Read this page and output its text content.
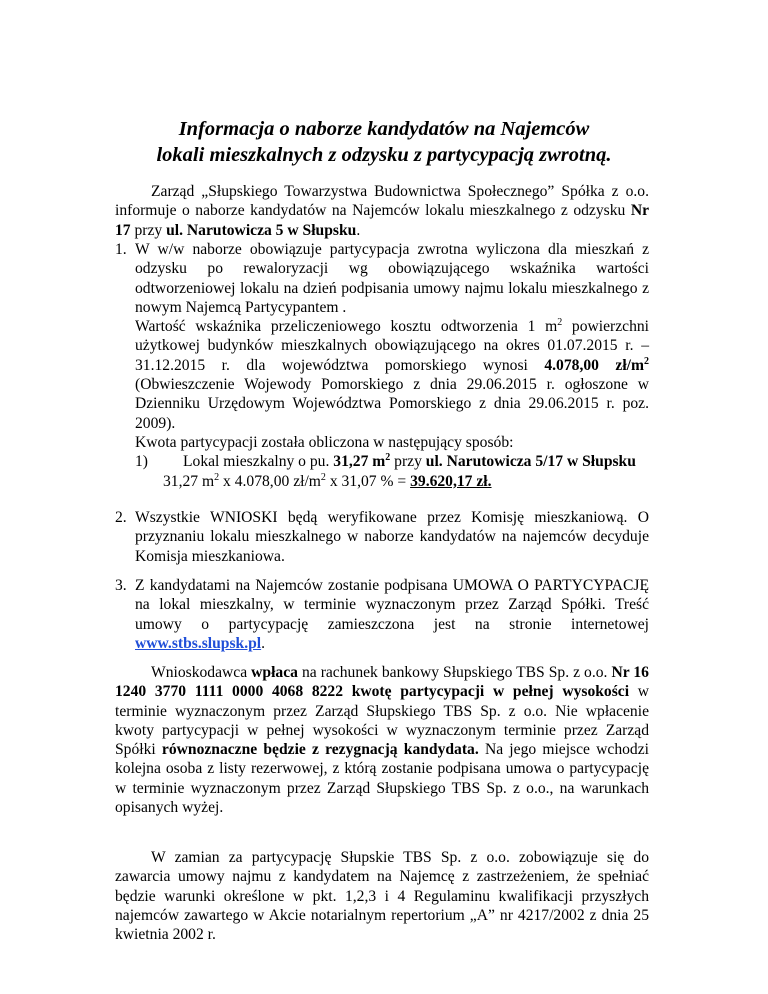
Informacja o naborze kandydatów na Najemców
lokali mieszkalnych z odzysku z partycypacją zwrotną.
Zarząd „Słupskiego Towarzystwa Budownictwa Społecznego” Spółka z o.o. informuje o naborze kandydatów na Najemców lokalu mieszkalnego z odzysku Nr 17 przy ul. Narutowicza 5 w Słupsku.
1. W w/w naborze obowiązuje partycypacja zwrotna wyliczona dla mieszkań z odzysku po rewaloryzacji wg obowiązującego wskaźnika wartości odtworzeniowej lokalu na dzień podpisania umowy najmu lokalu mieszkalnego z nowym Najemcą Partycypantem .
Wartość wskaźnika przeliczeniowego kosztu odtworzenia 1 $m^2$ powierzchni użytkowej budynków mieszkalnych obowiązującego na okres 01.07.2015 r. – 31.12.2015 r. dla województwa pomorskiego wynosi 4.078,00 $zł/m^2$ (Obwieszczenie Wojewody Pomorskiego z dnia 29.06.2015 r. ogłoszone w Dzienniku Urzędowym Województwa Pomorskiego z dnia 29.06.2015 r. poz. 2009).
Kwota partycypacji została obliczona w następujący sposób:
1)	Lokal mieszkalny o pu. 31,27 $m^2$ przy ul. Narutowicza 5/17 w Słupsku
31,27 $m^2$ x 4.078,00 $zł/m^2$ x 31,07 % = 39.620,17 zł.
2. Wszystkie WNIOSKI będą weryfikowane przez Komisję mieszkaniową. O przyznaniu lokalu mieszkalnego w naborze kandydatów na najemców decyduje Komisja mieszkaniowa.
3. Z kandydatami na Najemców zostanie podpisana UMOWA O PARTYCYPACJĘ na lokal mieszkalny, w terminie wyznaczonym przez Zarząd Spółki. Treść umowy o partycypację zamieszczona jest na stronie internetowej www.stbs.slupsk.pl.
Wnioskodawca wpłaca na rachunek bankowy Słupskiego TBS Sp. z o.o. Nr 16 1240 3770 1111 0000 4068 8222 kwotę partycypacji w pełnej wysokości w terminie wyznaczonym przez Zarząd Słupskiego TBS Sp. z o.o. Nie wpłacenie kwoty partycypacji w pełnej wysokości w wyznaczonym terminie przez Zarząd Spółki równoznaczne będzie z rezygnacją kandydata. Na jego miejsce wchodzi kolejna osoba z listy rezerwowej, z którą zostanie podpisana umowa o partycypację w terminie wyznaczonym przez Zarząd Słupskiego TBS Sp. z o.o., na warunkach opisanych wyżej.
W zamian za partycypację Słupskie TBS Sp. z o.o. zobowiązuje się do zawarcia umowy najmu z kandydatem na Najemcę z zastrzeżeniem, że spełniać będzie warunki określone w pkt. 1,2,3 i 4 Regulaminu kwalifikacji przyszłych najemców zawartego w Akcie notarialnym repertorium „A” nr 4217/2002 z dnia 25 kwietnia 2002 r.
